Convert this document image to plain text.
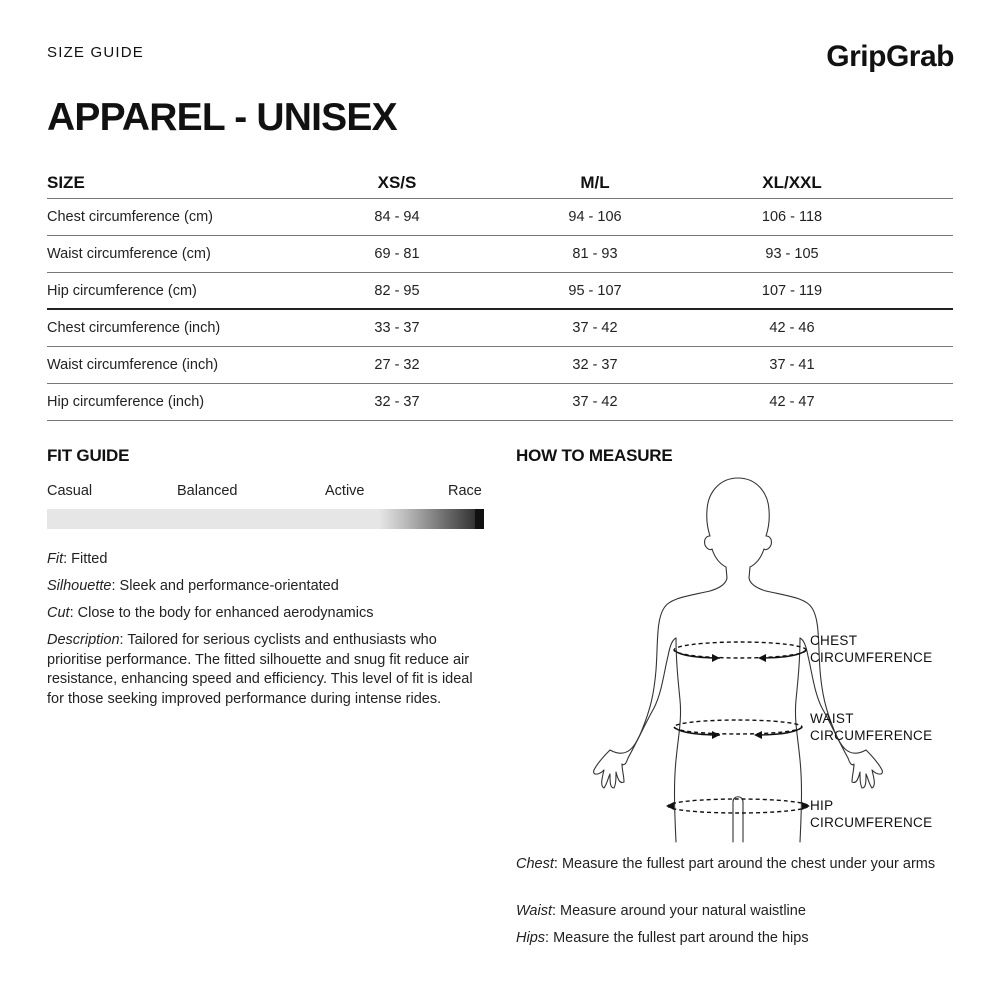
SIZE GUIDE	GripGrab
APPAREL - UNISEX
SIZE	XS/S	M/L	XL/XXL
Chest circumference (cm)	84 - 94	94 - 106	106 - 118
Waist circumference (cm)	69 - 81	81 - 93	93 - 105
Hip circumference (cm)	82 - 95	95 - 107	107 - 119
Chest circumference (inch)	33 - 37	37 - 42	42 - 46
Waist circumference (inch)	27 - 32	32 - 37	37 - 41
Hip circumference (inch)	32 - 37	37 - 42	42 - 47
FIT GUIDE
Casual	Balanced	Active	Race

Fit: Fitted

Silhouette: Sleek and performance-orientated

Cut: Close to the body for enhanced aerodynamics

Description: Tailored for serious cyclists and enthusiasts who prioritise performance. The fitted silhouette and snug fit reduce air resistance, enhancing speed and efficiency. This level of fit is ideal for those seeking improved performance during intense rides.

HOW TO MEASURE
CHEST
CIRCUMFERENCE
WAIST
CIRCUMFERENCE
HIP
CIRCUMFERENCE

Chest: Measure the fullest part around the chest under your arms

Waist: Measure around your natural waistline

Hips: Measure the fullest part around the hips
